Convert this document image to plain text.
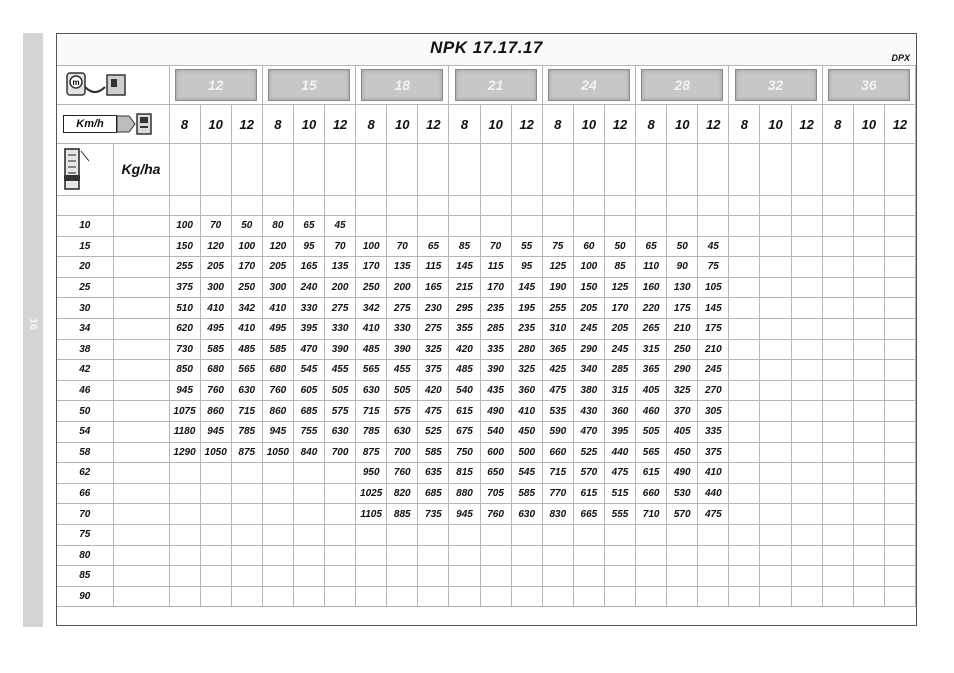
16
NPK 17.17.17
DPX
m		12			15			18			21			24			28			32			36		

Km/h		8	10	12	8	10	12	8	10	12	8	10	12	8	10	12	8	10	12	8	10	12	8	10	12

	Kg/ha																								

10		100	70	50	80	65	45																		
15		150	120	100	120	95	70	100	70	65	85	70	55	75	60	50	65	50	45						
20		255	205	170	205	165	135	170	135	115	145	115	95	125	100	85	110	90	75						
25		375	300	250	300	240	200	250	200	165	215	170	145	190	150	125	160	130	105						
30		510	410	342	410	330	275	342	275	230	295	235	195	255	205	170	220	175	145						
34		620	495	410	495	395	330	410	330	275	355	285	235	310	245	205	265	210	175						
38		730	585	485	585	470	390	485	390	325	420	335	280	365	290	245	315	250	210						
42		850	680	565	680	545	455	565	455	375	485	390	325	425	340	285	365	290	245						
46		945	760	630	760	605	505	630	505	420	540	435	360	475	380	315	405	325	270						
50		1075	860	715	860	685	575	715	575	475	615	490	410	535	430	360	460	370	305						
54		1180	945	785	945	755	630	785	630	525	675	540	450	590	470	395	505	405	335						
58		1290	1050	875	1050	840	700	875	700	585	750	600	500	660	525	440	565	450	375						
62								950	760	635	815	650	545	715	570	475	615	490	410						
66								1025	820	685	880	705	585	770	615	515	660	530	440						
70								1105	885	735	945	760	630	830	665	555	710	570	475						
75																									
80																									
85																									
90																									
